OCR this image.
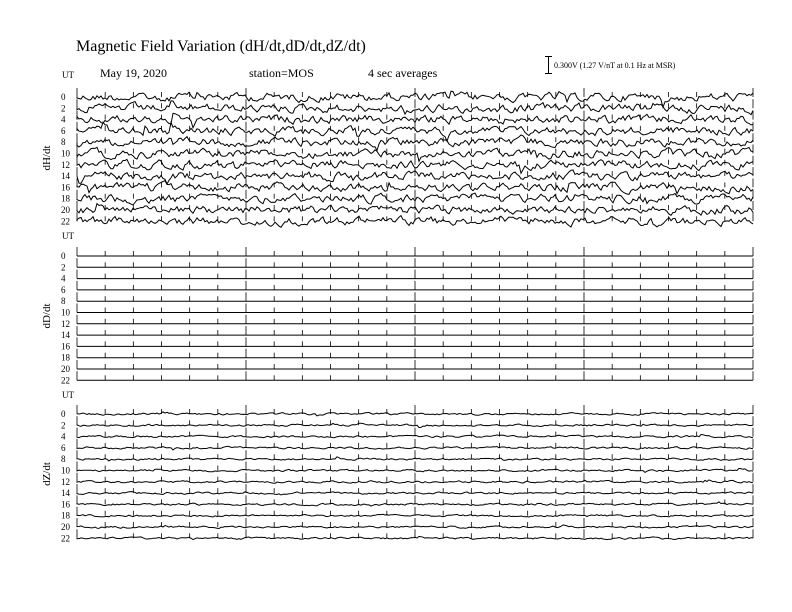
Magnetic Field Variation (dH/dt,dD/dt,dZ/dt)
May 19, 2020	station=MOS	4 sec averages
0.300V (1.27 V/nT at 0.1 Hz at MSR)
UT
dH/dt
0
2
4
6
8
10
12
14
16
18
20
22
UT
dD/dt
0
2
4
6
8
10
12
14
16
18
20
22
UT
dZ/dt
0
2
4
6
8
10
12
14
16
18
20
22
